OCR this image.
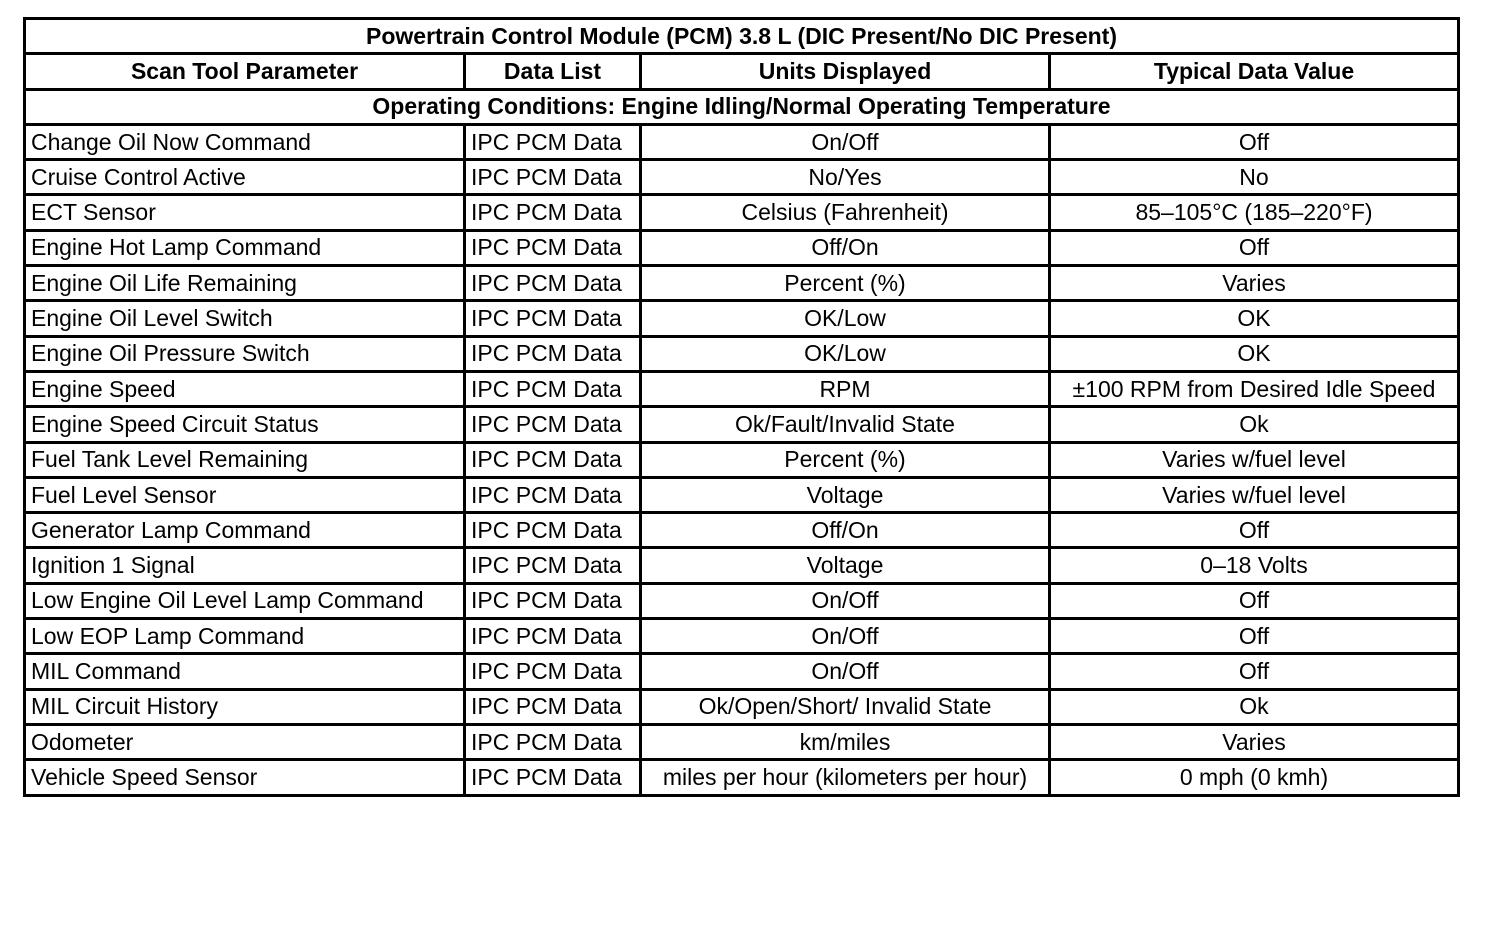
Powertrain Control Module (PCM) 3.8 L (DIC Present/No DIC Present)			
Scan Tool Parameter	Data List	Units Displayed	Typical Data Value
Operating Conditions: Engine Idling/Normal Operating Temperature			
Change Oil Now Command	IPC PCM Data	On/Off	Off
Cruise Control Active	IPC PCM Data	No/Yes	No
ECT Sensor	IPC PCM Data	Celsius (Fahrenheit)	85–105°C (185–220°F)
Engine Hot Lamp Command	IPC PCM Data	Off/On	Off
Engine Oil Life Remaining	IPC PCM Data	Percent (%)	Varies
Engine Oil Level Switch	IPC PCM Data	OK/Low	OK
Engine Oil Pressure Switch	IPC PCM Data	OK/Low	OK
Engine Speed	IPC PCM Data	RPM	±100 RPM from Desired Idle Speed
Engine Speed Circuit Status	IPC PCM Data	Ok/Fault/Invalid State	Ok
Fuel Tank Level Remaining	IPC PCM Data	Percent (%)	Varies w/fuel level
Fuel Level Sensor	IPC PCM Data	Voltage	Varies w/fuel level
Generator Lamp Command	IPC PCM Data	Off/On	Off
Ignition 1 Signal	IPC PCM Data	Voltage	0–18 Volts
Low Engine Oil Level Lamp Command	IPC PCM Data	On/Off	Off
Low EOP Lamp Command	IPC PCM Data	On/Off	Off
MIL Command	IPC PCM Data	On/Off	Off
MIL Circuit History	IPC PCM Data	Ok/Open/Short/ Invalid State	Ok
Odometer	IPC PCM Data	km/miles	Varies
Vehicle Speed Sensor	IPC PCM Data	miles per hour (kilometers per hour)	0 mph (0 kmh)
